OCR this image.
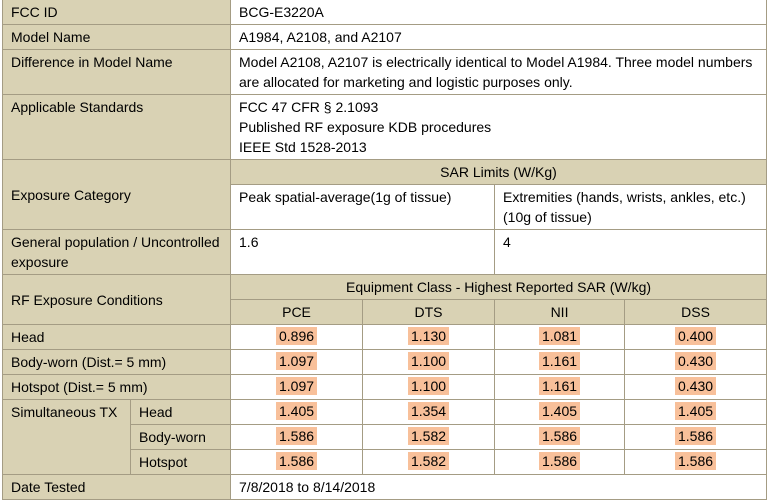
FCC ID		BCG-E3220A			
Model Name		A1984, A2108, and A2107			
Difference in Model Name		Model A2108, A2107 is electrically identical to Model A1984. Three model numbers are allocated for marketing and logistic purposes only.			
Applicable Standards		FCC 47 CFR § 2.1093
Published RF exposure KDB procedures
IEEE Std 1528-2013			

Exposure Category		SAR Limits (W/Kg)			
		Peak spatial-average(1g of tissue)		Extremities (hands, wrists, ankles, etc.) (10g of tissue)	
General population / Uncontrolled exposure		1.6		4	
RF Exposure Conditions		Equipment Class - Highest Reported SAR (W/kg)			
		PCE	DTS	NII	DSS
Head		0.896	1.130	1.081	0.400
Body-worn (Dist.= 5 mm)		1.097	1.100	1.161	0.430
Hotspot (Dist.= 5 mm)		1.097	1.100	1.161	0.430
Simultaneous TX	Head	1.405	1.354	1.405	1.405
	Body-worn	1.586	1.582	1.586	1.586
	Hotspot	1.586	1.582	1.586	1.586
Date Tested		7/8/2018 to 8/14/2018			
